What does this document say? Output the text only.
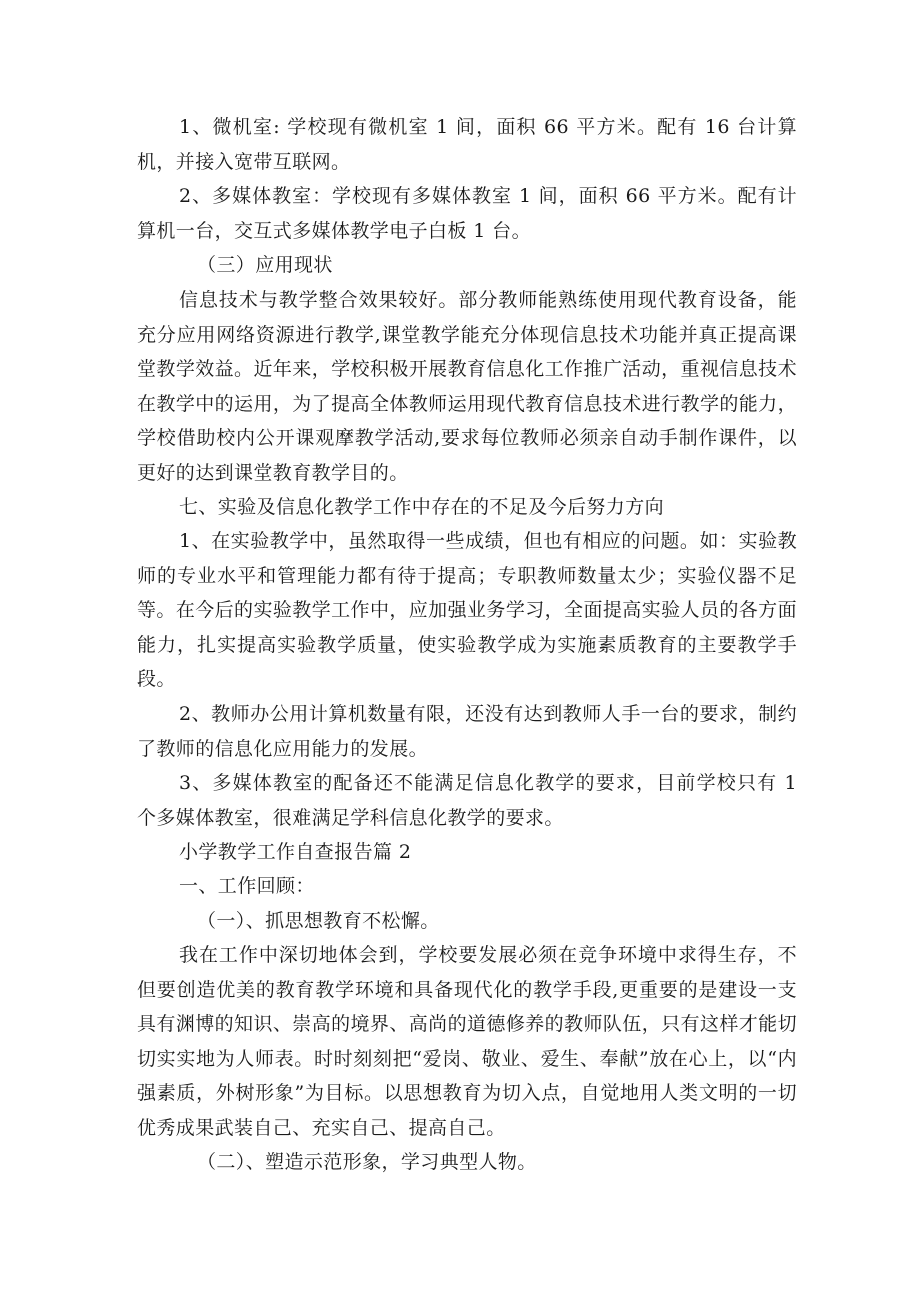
1、微机室: 学校现有微机室 1 间，面积 66 平方米。配有 16 台计算机，并接入宽带互联网。

2、多媒体教室：学校现有多媒体教室 1 间，面积 66 平方米。配有计算机一台，交互式多媒体教学电子白板 1 台。

（三）应用现状

信息技术与教学整合效果较好。部分教师能熟练使用现代教育设备，能充分应用网络资源进行教学,课堂教学能充分体现信息技术功能并真正提高课堂教学效益。近年来，学校积极开展教育信息化工作推广活动，重视信息技术在教学中的运用，为了提高全体教师运用现代教育信息技术进行教学的能力，学校借助校内公开课观摩教学活动,要求每位教师必须亲自动手制作课件，以更好的达到课堂教育教学目的。

七、实验及信息化教学工作中存在的不足及今后努力方向

1、在实验教学中，虽然取得一些成绩，但也有相应的问题。如：实验教师的专业水平和管理能力都有待于提高；专职教师数量太少；实验仪器不足等。在今后的实验教学工作中，应加强业务学习，全面提高实验人员的各方面能力，扎实提高实验教学质量，使实验教学成为实施素质教育的主要教学手段。

2、教师办公用计算机数量有限，还没有达到教师人手一台的要求，制约了教师的信息化应用能力的发展。

3、多媒体教室的配备还不能满足信息化教学的要求，目前学校只有 1 个多媒体教室，很难满足学科信息化教学的要求。

小学教学工作自查报告篇 2

一、工作回顾：

（一）、抓思想教育不松懈。

我在工作中深切地体会到，学校要发展必须在竞争环境中求得生存，不但要创造优美的教育教学环境和具备现代化的教学手段,更重要的是建设一支具有渊博的知识、崇高的境界、高尚的道德修养的教师队伍，只有这样才能切切实实地为人师表。时时刻刻把“爱岗、敬业、爱生、奉献”放在心上，以“内强素质，外树形象”为目标。以思想教育为切入点，自觉地用人类文明的一切优秀成果武装自己、充实自己、提高自己。

（二）、塑造示范形象，学习典型人物。
